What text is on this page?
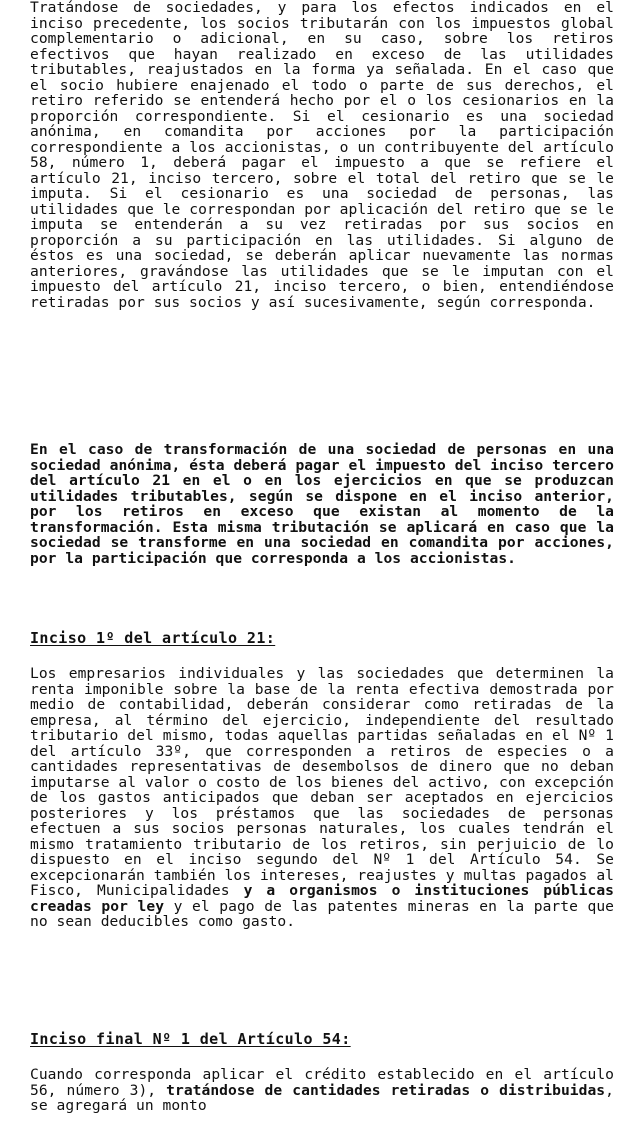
Tratándose de sociedades, y para los efectos indicados en el inciso precedente, los socios tributarán con los impuestos global complementario o adicional, en su caso, sobre los retiros efectivos que hayan realizado en exceso de las utilidades tributables, reajustados en la forma ya señalada. En el caso que el socio hubiere enajenado el todo o parte de sus derechos, el retiro referido se entenderá hecho por el o los cesionarios en la proporción correspondiente. Si el cesionario es una sociedad anónima, en comandita por acciones por la participación correspondiente a los accionistas, o un contribuyente del artículo 58, número 1, deberá pagar el impuesto a que se refiere el artículo 21, inciso tercero, sobre el total del retiro que se le imputa. Si el cesionario es una sociedad de personas, las utilidades que le correspondan por aplicación del retiro que se le imputa se entenderán a su vez retiradas por sus socios en proporción a su participación en las utilidades. Si alguno de éstos es una sociedad, se deberán aplicar nuevamente las normas anteriores, gravándose las utilidades que se le imputan con el impuesto del artículo 21, inciso tercero, o bien, entendiéndose retiradas por sus socios y así sucesivamente, según corresponda.

En el caso de transformación de una sociedad de personas en una sociedad anónima, ésta deberá pagar el impuesto del inciso tercero del artículo 21 en el o en los ejercicios en que se produzcan utilidades tributables, según se dispone en el inciso anterior, por los retiros en exceso que existan al momento de la transformación. Esta misma tributación se aplicará en caso que la sociedad se transforme en una sociedad en comandita por acciones, por la participación que corresponda a los accionistas.

Inciso 1º del artículo 21:

Los empresarios individuales y las sociedades que determinen la renta imponible sobre la base de la renta efectiva demostrada por medio de contabilidad, deberán considerar como retiradas de la empresa, al término del ejercicio, independiente del resultado tributario del mismo, todas aquellas partidas señaladas en el Nº 1 del artículo 33º, que corresponden a retiros de especies o a cantidades representativas de desembolsos de dinero que no deban imputarse al valor o costo de los bienes del activo, con excepción de los gastos anticipados que deban ser aceptados en ejercicios posteriores y los préstamos que las sociedades de personas efectuen a sus socios personas naturales, los cuales tendrán el mismo tratamiento tributario de los retiros, sin perjuicio de lo dispuesto en el inciso segundo del Nº 1 del Artículo 54. Se excepcionarán también los intereses, reajustes y multas pagados al Fisco, Municipalidades y a organismos o instituciones públicas creadas por ley y el pago de las patentes mineras en la parte que no sean deducibles como gasto.

Inciso final Nº 1 del Artículo 54:

Cuando corresponda aplicar el crédito establecido en el artículo 56, número 3), tratándose de cantidades retiradas o distribuidas, se agregará un monto
